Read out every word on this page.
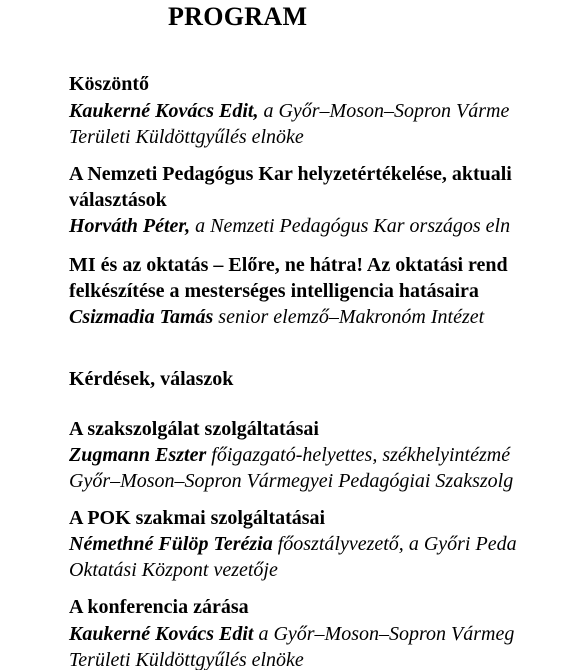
PROGRAM
Köszöntő
Kaukerné Kovács Edit, a Győr–Moson–Sopron Várme
Területi Küldöttgyűlés elnöke
A Nemzeti Pedagógus Kar helyzetértékelése, aktuali
választások
Horváth Péter, a Nemzeti Pedagógus Kar országos eln
MI és az oktatás – Előre, ne hátra! Az oktatási rend
felkészítése a mesterséges intelligencia hatásaira
Csizmadia Tamás senior elemző–Makronóm Intézet
Kérdések, válaszok
A szakszolgálat szolgáltatásai
Zugmann Eszter főigazgató-helyettes, székhelyintézmé
Győr–Moson–Sopron Vármegyei Pedagógiai Szakszolg
A POK szakmai szolgáltatásai
Némethné Fülöp Terézia főosztályvezető, a Győri Peda
Oktatási Központ vezetője
A konferencia zárása
Kaukerné Kovács Edit a Győr–Moson–Sopron Vármeg
Területi Küldöttgyűlés elnöke
